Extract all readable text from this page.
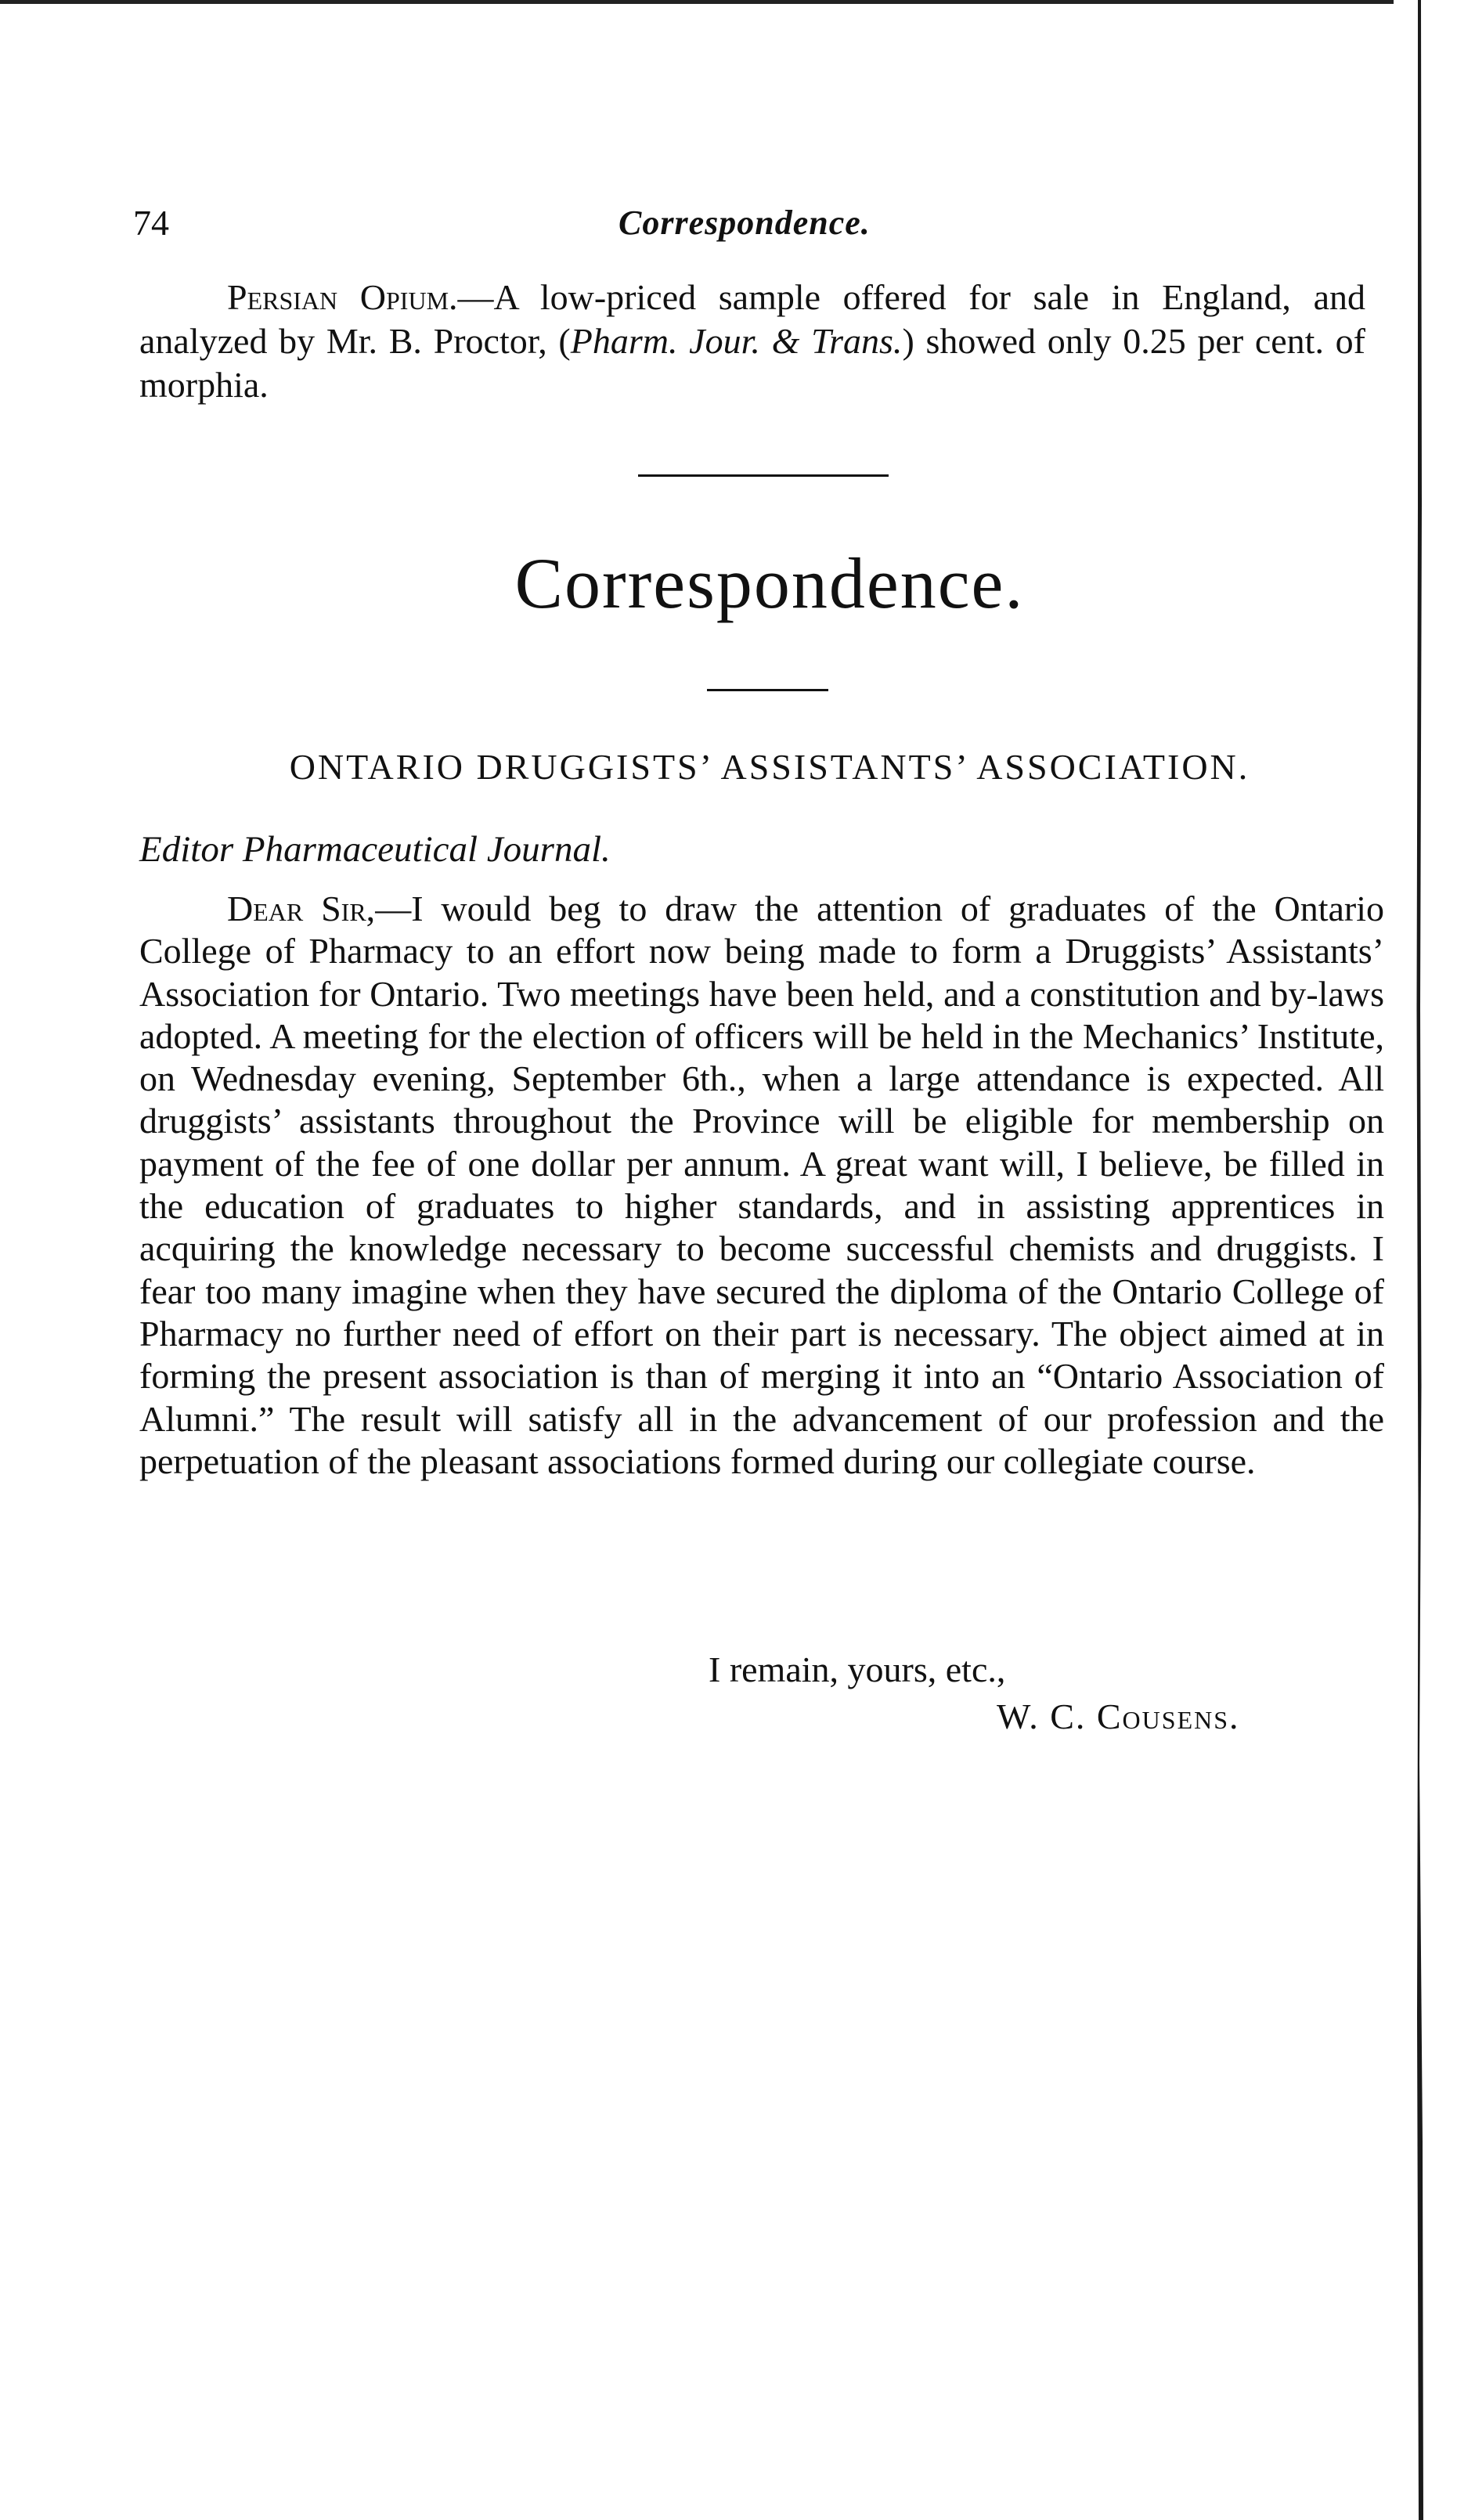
74	Correspondence.
Persian Opium.—A low-priced sample offered for sale in England, and analyzed by Mr. B. Proctor, (Pharm. Jour. & Trans.) showed only 0.25 per cent. of morphia.
Correspondence.
ONTARIO DRUGGISTS’ ASSISTANTS’ ASSOCIATION.
Editor Pharmaceutical Journal.
Dear Sir,—I would beg to draw the attention of graduates of the Ontario College of Pharmacy to an effort now being made to form a Druggists’ Assistants’ Association for Ontario. Two meetings have been held, and a constitution and by-laws adopted. A meeting for the election of officers will be held in the Mechanics’ Institute, on Wednesday evening, September 6th., when a large attendance is expected. All druggists’ assistants throughout the Province will be eligible for membership on payment of the fee of one dollar per annum. A great want will, I believe, be filled in the education of graduates to higher standards, and in assisting apprentices in acquiring the knowledge necessary to become successful chemists and druggists. I fear too many imagine when they have secured the diploma of the Ontario College of Pharmacy no further need of effort on their part is necessary. The object aimed at in forming the present association is than of merging it into an “Ontario Association of Alumni.” The result will satisfy all in the advancement of our profession and the perpetuation of the pleasant associations formed during our collegiate course.
I remain, yours, etc.,
W. C. Cousens.
